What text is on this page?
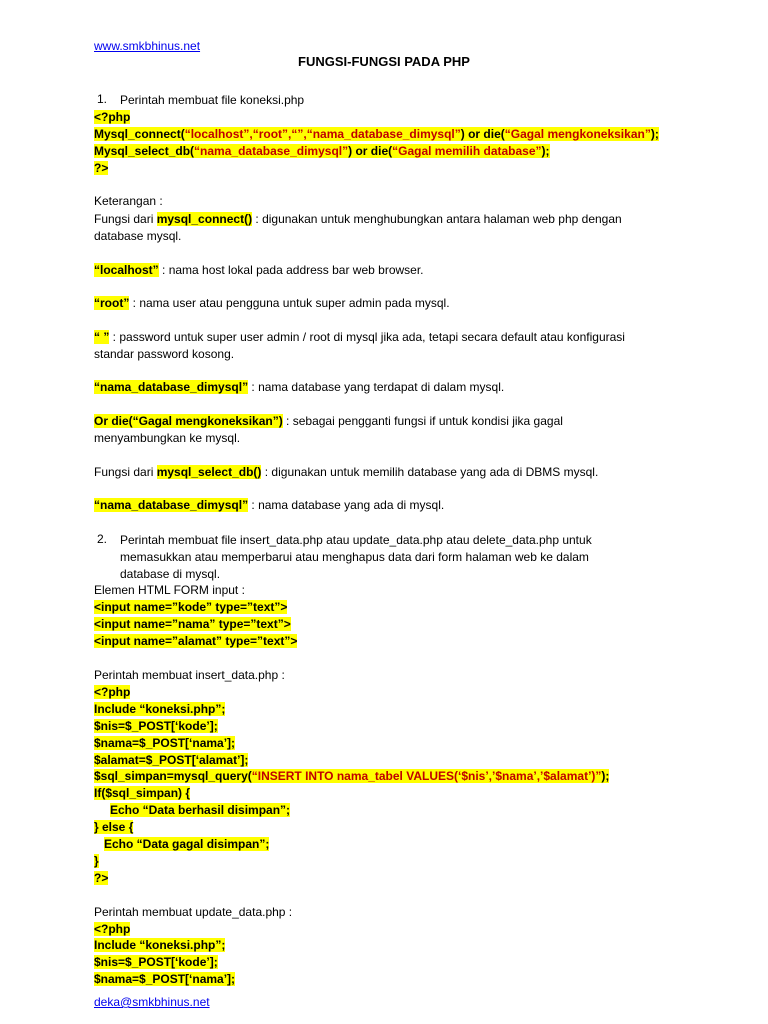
www.smkbhinus.net
FUNGSI-FUNGSI PADA PHP
1. Perintah membuat file koneksi.php
<?php
Mysql_connect(“localhost”,“root”,“”,“nama_database_dimysql”) or die(“Gagal mengkoneksikan”);
Mysql_select_db(“nama_database_dimysql”) or die(“Gagal memilih database”);
?>
Keterangan :
Fungsi dari mysql_connect() : digunakan untuk menghubungkan antara halaman web php dengan
database mysql.
“localhost” : nama host lokal pada address bar web browser.
“root” : nama user atau pengguna untuk super admin pada mysql.
“ ” : password untuk super user admin / root di mysql jika ada, tetapi secara default atau konfigurasi
standar password kosong.
“nama_database_dimysql” : nama database yang terdapat di dalam mysql.
Or die(“Gagal mengkoneksikan”) : sebagai pengganti fungsi if untuk kondisi jika gagal
menyambungkan ke mysql.
Fungsi dari mysql_select_db() : digunakan untuk memilih database yang ada di DBMS mysql.
“nama_database_dimysql” : nama database yang ada di mysql.
2. Perintah membuat file insert_data.php atau update_data.php atau delete_data.php untuk
memasukkan atau memperbarui atau menghapus data dari form halaman web ke dalam
database di mysql.
Elemen HTML FORM input :
<input name=”kode” type=”text”>
<input name=”nama” type=”text”>
<input name=”alamat” type=”text”>
Perintah membuat insert_data.php :
<?php
Include “koneksi.php”;
$nis=$_POST[‘kode’];
$nama=$_POST[‘nama’];
$alamat=$_POST[‘alamat’];
$sql_simpan=mysql_query(“INSERT INTO nama_tabel VALUES(‘$nis’,’$nama’,’$alamat’)”);
If($sql_simpan) {
Echo “Data berhasil disimpan”;
} else {
Echo “Data gagal disimpan”;
}
?>
Perintah membuat update_data.php :
<?php
Include “koneksi.php”;
$nis=$_POST[‘kode’];
$nama=$_POST[‘nama’];
deka@smkbhinus.net
